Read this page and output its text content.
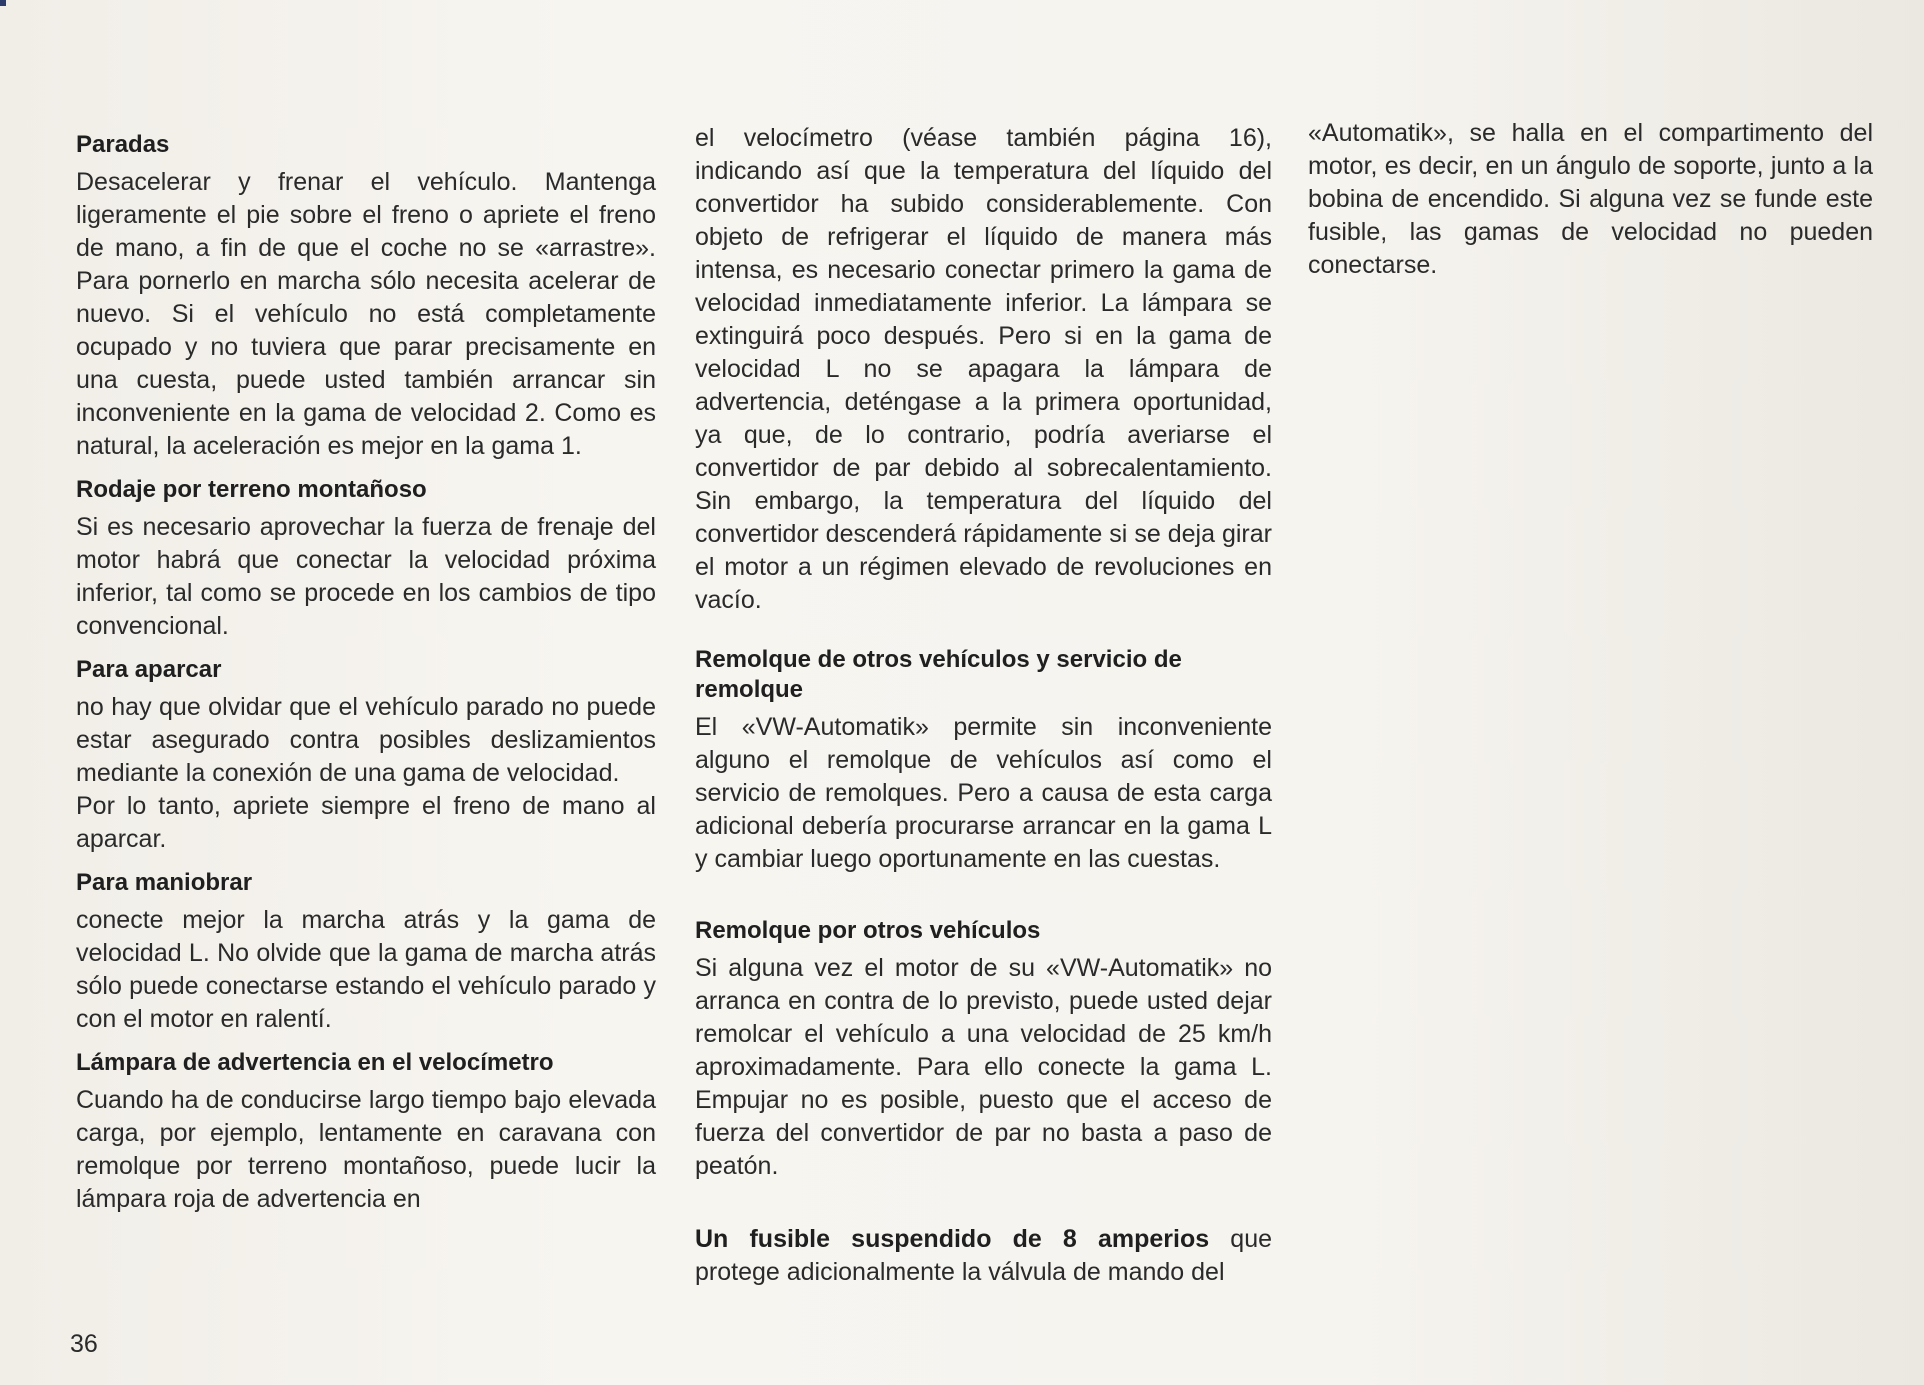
Paradas

Desacelerar y frenar el vehículo. Mantenga ligeramente el pie sobre el freno o apriete el freno de mano, a fin de que el coche no se «arrastre». Para pornerlo en marcha sólo necesita acelerar de nuevo. Si el vehículo no está completamente ocupado y no tuviera que parar precisamente en una cuesta, puede usted también arrancar sin inconveniente en la gama de velocidad 2. Como es natural, la aceleración es mejor en la gama 1.

Rodaje por terreno montañoso

Si es necesario aprovechar la fuerza de frenaje del motor habrá que conectar la velocidad próxima inferior, tal como se procede en los cambios de tipo convencional.

Para aparcar

no hay que olvidar que el vehículo parado no puede estar asegurado contra posibles deslizamientos mediante la conexión de una gama de velocidad.

Por lo tanto, apriete siempre el freno de mano al aparcar.

Para maniobrar

conecte mejor la marcha atrás y la gama de velocidad L. No olvide que la gama de marcha atrás sólo puede conectarse estando el vehículo parado y con el motor en ralentí.

Lámpara de advertencia en el velocímetro

Cuando ha de conducirse largo tiempo bajo elevada carga, por ejemplo, lentamente en caravana con remolque por terreno montañoso, puede lucir la lámpara roja de advertencia en

el velocímetro (véase también página 16), indicando así que la temperatura del líquido del convertidor ha subido considerablemente. Con objeto de refrigerar el líquido de manera más intensa, es necesario conectar primero la gama de velocidad inmediatamente inferior. La lámpara se extinguirá poco después. Pero si en la gama de velocidad L no se apagara la lámpara de advertencia, deténgase a la primera oportunidad, ya que, de lo contrario, podría averiarse el convertidor de par debido al sobrecalentamiento. Sin embargo, la temperatura del líquido del convertidor descenderá rápidamente si se deja girar el motor a un régimen elevado de revoluciones en vacío.

Remolque de otros vehículos y servicio de remolque

El «VW-Automatik» permite sin inconveniente alguno el remolque de vehículos así como el servicio de remolques. Pero a causa de esta carga adicional debería procurarse arrancar en la gama L y cambiar luego oportunamente en las cuestas.

Remolque por otros vehículos

Si alguna vez el motor de su «VW-Automatik» no arranca en contra de lo previsto, puede usted dejar remolcar el vehículo a una velocidad de 25 km/h aproximadamente. Para ello conecte la gama L. Empujar no es posible, puesto que el acceso de fuerza del convertidor de par no basta a paso de peatón.

Un fusible suspendido de 8 amperios que protege adicionalmente la válvula de mando del

«Automatik», se halla en el compartimento del motor, es decir, en un ángulo de soporte, junto a la bobina de encendido. Si alguna vez se funde este fusible, las gamas de velocidad no pueden conectarse.

36
